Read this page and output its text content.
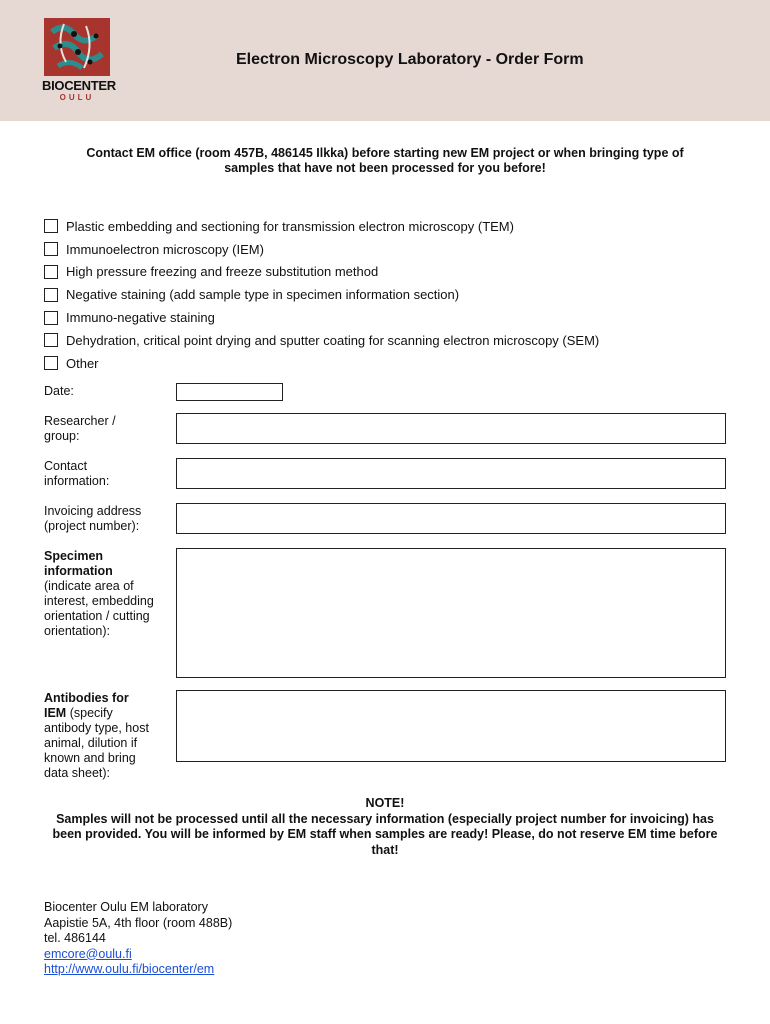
BIOCENTER
OULU
Electron Microscopy Laboratory - Order Form
Contact EM office (room 457B, 486145 Ilkka) before starting new EM project or when bringing type of samples that have not been processed for you before!
Plastic embedding and sectioning for transmission electron microscopy (TEM)
Immunoelectron microscopy (IEM)
High pressure freezing and freeze substitution method
Negative staining (add sample type in specimen information section)
Immuno-negative staining
Dehydration, critical point drying and sputter coating for scanning electron microscopy (SEM)
Other
Date:
Researcher /
group:
Contact
information:
Invoicing address
(project number):
Specimen
information
(indicate area of
interest, embedding
orientation / cutting
orientation):
Antibodies for
IEM (specify
antibody type, host
animal, dilution if
known and bring
data sheet):
NOTE!
Samples will not be processed until all the necessary information (especially project number for invoicing) has been provided. You will be informed by EM staff when samples are ready! Please, do not reserve EM time before that!
Biocenter Oulu EM laboratory
Aapistie 5A, 4th floor (room 488B)
tel. 486144
emcore@oulu.fi
http://www.oulu.fi/biocenter/em
